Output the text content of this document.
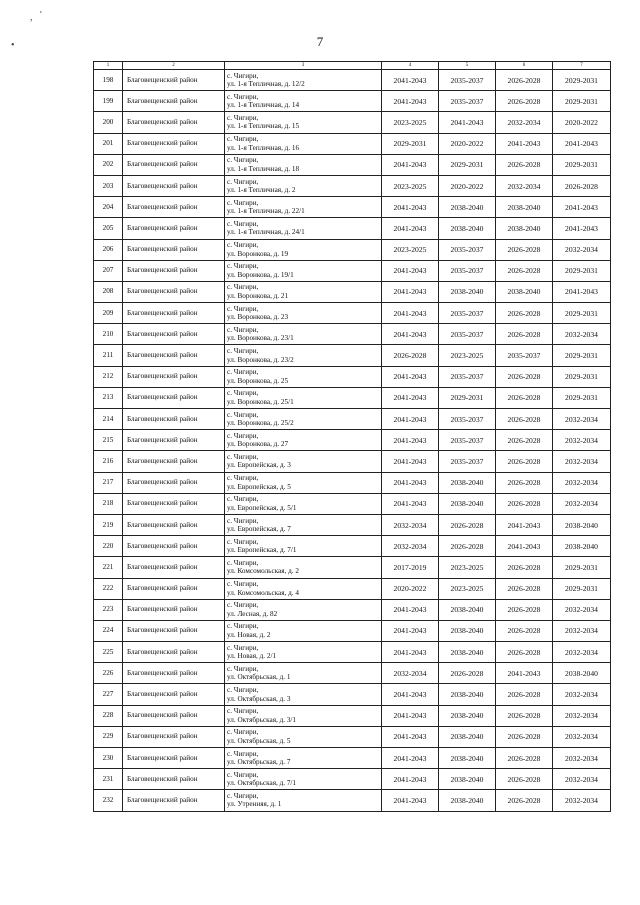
, '
•	7
1	2	3	4	5	6	7
198	Благовещенский район	с. Чигири,
ул. 1-я Тепличная, д. 12/2	2041-2043	2035-2037	2026-2028	2029-2031
199	Благовещенский район	с. Чигири,
ул. 1-я Тепличная, д. 14	2041-2043	2035-2037	2026-2028	2029-2031
200	Благовещенский район	с. Чигири,
ул. 1-я Тепличная, д. 15	2023-2025	2041-2043	2032-2034	2020-2022
201	Благовещенский район	с. Чигири,
ул. 1-я Тепличная, д. 16	2029-2031	2020-2022	2041-2043	2041-2043
202	Благовещенский район	с. Чигири,
ул. 1-я Тепличная, д. 18	2041-2043	2029-2031	2026-2028	2029-2031
203	Благовещенский район	с. Чигири,
ул. 1-я Тепличная, д. 2	2023-2025	2020-2022	2032-2034	2026-2028
204	Благовещенский район	с. Чигири,
ул. 1-я Тепличная, д. 22/1	2041-2043	2038-2040	2038-2040	2041-2043
205	Благовещенский район	с. Чигири,
ул. 1-я Тепличная, д. 24/1	2041-2043	2038-2040	2038-2040	2041-2043
206	Благовещенский район	с. Чигири,
ул. Воронкова, д. 19	2023-2025	2035-2037	2026-2028	2032-2034
207	Благовещенский район	с. Чигири,
ул. Воронкова, д. 19/1	2041-2043	2035-2037	2026-2028	2029-2031
208	Благовещенский район	с. Чигири,
ул. Воронкова, д. 21	2041-2043	2038-2040	2038-2040	2041-2043
209	Благовещенский район	с. Чигири,
ул. Воронкова, д. 23	2041-2043	2035-2037	2026-2028	2029-2031
210	Благовещенский район	с. Чигири,
ул. Воронкова, д. 23/1	2041-2043	2035-2037	2026-2028	2032-2034
211	Благовещенский район	с. Чигири,
ул. Воронкова, д. 23/2	2026-2028	2023-2025	2035-2037	2029-2031
212	Благовещенский район	с. Чигири,
ул. Воронкова, д. 25	2041-2043	2035-2037	2026-2028	2029-2031
213	Благовещенский район	с. Чигири,
ул. Воронкова, д. 25/1	2041-2043	2029-2031	2026-2028	2029-2031
214	Благовещенский район	с. Чигири,
ул. Воронкова, д. 25/2	2041-2043	2035-2037	2026-2028	2032-2034
215	Благовещенский район	с. Чигири,
ул. Воронкова, д. 27	2041-2043	2035-2037	2026-2028	2032-2034
216	Благовещенский район	с. Чигири,
ул. Европейская, д. 3	2041-2043	2035-2037	2026-2028	2032-2034
217	Благовещенский район	с. Чигири,
ул. Европейская, д. 5	2041-2043	2038-2040	2026-2028	2032-2034
218	Благовещенский район	с. Чигири,
ул. Европейская, д. 5/1	2041-2043	2038-2040	2026-2028	2032-2034
219	Благовещенский район	с. Чигири,
ул. Европейская, д. 7	2032-2034	2026-2028	2041-2043	2038-2040
220	Благовещенский район	с. Чигири,
ул. Европейская, д. 7/1	2032-2034	2026-2028	2041-2043	2038-2040
221	Благовещенский район	с. Чигири,
ул. Комсомольская, д. 2	2017-2019	2023-2025	2026-2028	2029-2031
222	Благовещенский район	с. Чигири,
ул. Комсомольская, д. 4	2020-2022	2023-2025	2026-2028	2029-2031
223	Благовещенский район	с. Чигири,
ул. Лесная, д. 82	2041-2043	2038-2040	2026-2028	2032-2034
224	Благовещенский район	с. Чигири,
ул. Новая, д. 2	2041-2043	2038-2040	2026-2028	2032-2034
225	Благовещенский район	с. Чигири,
ул. Новая, д. 2/1	2041-2043	2038-2040	2026-2028	2032-2034
226	Благовещенский район	с. Чигири,
ул. Октябрьская, д. 1	2032-2034	2026-2028	2041-2043	2038-2040
227	Благовещенский район	с. Чигири,
ул. Октябрьская, д. 3	2041-2043	2038-2040	2026-2028	2032-2034
228	Благовещенский район	с. Чигири,
ул. Октябрьская, д. 3/1	2041-2043	2038-2040	2026-2028	2032-2034
229	Благовещенский район	с. Чигири,
ул. Октябрьская, д. 5	2041-2043	2038-2040	2026-2028	2032-2034
230	Благовещенский район	с. Чигири,
ул. Октябрьская, д. 7	2041-2043	2038-2040	2026-2028	2032-2034
231	Благовещенский район	с. Чигири,
ул. Октябрьская, д. 7/1	2041-2043	2038-2040	2026-2028	2032-2034
232	Благовещенский район	с. Чигири,
ул. Утренняя, д. 1	2041-2043	2038-2040	2026-2028	2032-2034
